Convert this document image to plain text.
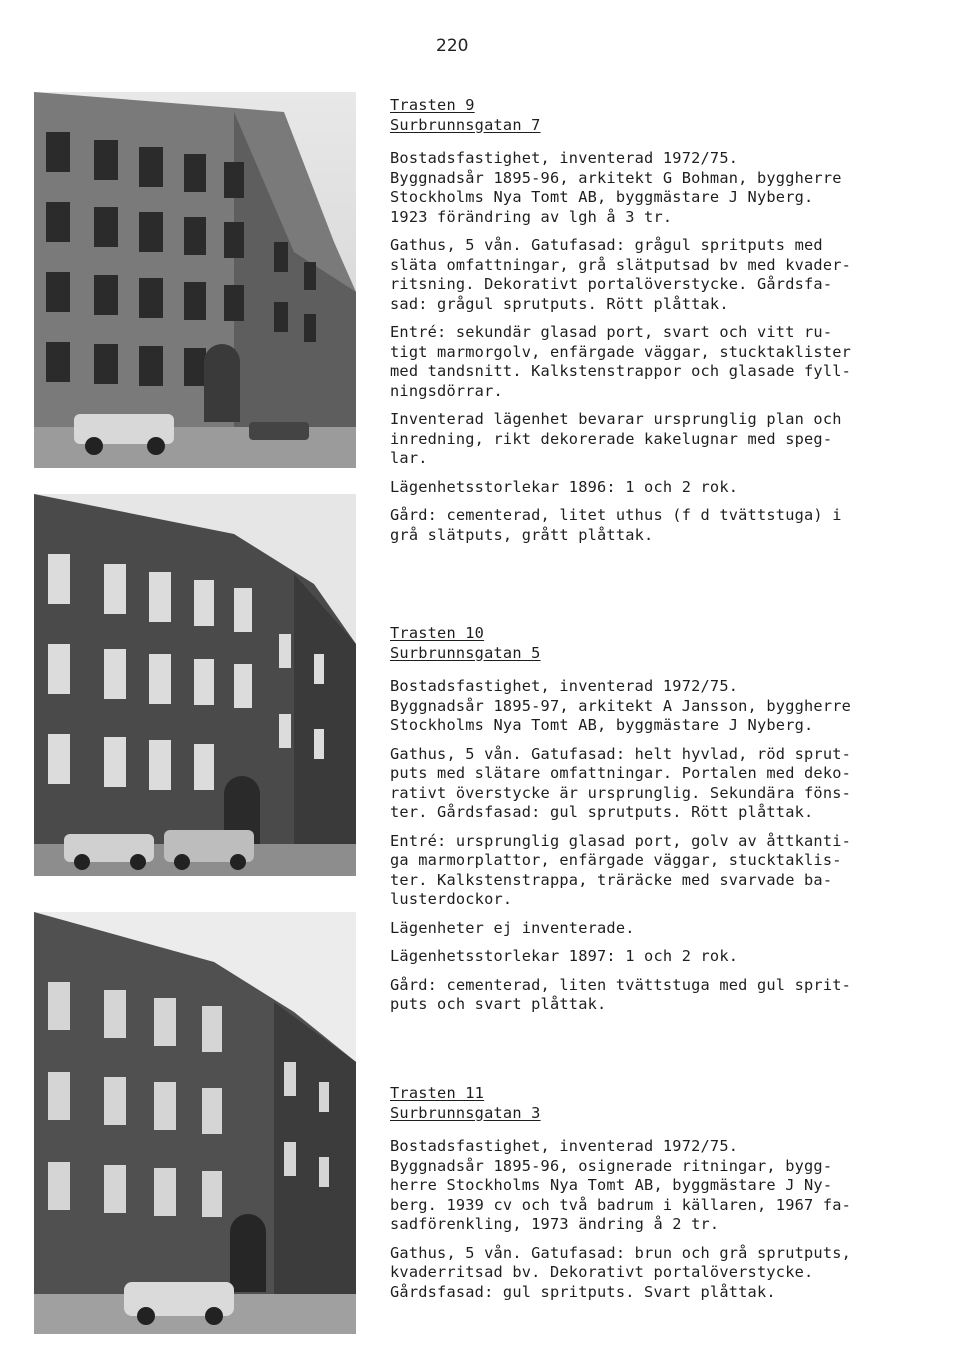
220
Trasten 9
Surbrunnsgatan 7
Bostadsfastighet, inventerad 1972/75.
Byggnadsår 1895-96, arkitekt G Bohman, byggherre
Stockholms Nya Tomt AB, byggmästare J Nyberg.
1923 förändring av lgh å 3 tr.
Gathus, 5 vån. Gatufasad: grågul spritputs med
släta omfattningar, grå slätputsad bv med kvader-
ritsning. Dekorativt portalöverstycke. Gårdsfa-
sad: grågul sprutputs. Rött plåttak.
Entré: sekundär glasad port, svart och vitt ru-
tigt marmorgolv, enfärgade väggar, stucktaklister
med tandsnitt. Kalkstenstrappor och glasade fyll-
ningsdörrar.
Inventerad lägenhet bevarar ursprunglig plan och
inredning, rikt dekorerade kakelugnar med speg-
lar.
Lägenhetsstorlekar 1896: 1 och 2 rok.
Gård: cementerad, litet uthus (f d tvättstuga) i
grå slätputs, grått plåttak.
Trasten 10
Surbrunnsgatan 5
Bostadsfastighet, inventerad 1972/75.
Byggnadsår 1895-97, arkitekt A Jansson, byggherre
Stockholms Nya Tomt AB, byggmästare J Nyberg.
Gathus, 5 vån. Gatufasad: helt hyvlad, röd sprut-
puts med slätare omfattningar. Portalen med deko-
rativt överstycke är ursprunglig. Sekundära föns-
ter. Gårdsfasad: gul sprutputs. Rött plåttak.
Entré: ursprunglig glasad port, golv av åttkanti-
ga marmorplattor, enfärgade väggar, stucktaklis-
ter. Kalkstenstrappa, träräcke med svarvade ba-
lusterdockor.
Lägenheter ej inventerade.
Lägenhetsstorlekar 1897: 1 och 2 rok.
Gård: cementerad, liten tvättstuga med gul sprit-
puts och svart plåttak.
Trasten 11
Surbrunnsgatan 3
Bostadsfastighet, inventerad 1972/75.
Byggnadsår 1895-96, osignerade ritningar, bygg-
herre Stockholms Nya Tomt AB, byggmästare J Ny-
berg. 1939 cv och två badrum i källaren, 1967 fa-
sadförenkling, 1973 ändring å 2 tr.
Gathus, 5 vån. Gatufasad: brun och grå sprutputs,
kvaderritsad bv. Dekorativt portalöverstycke.
Gårdsfasad: gul spritputs. Svart plåttak.
